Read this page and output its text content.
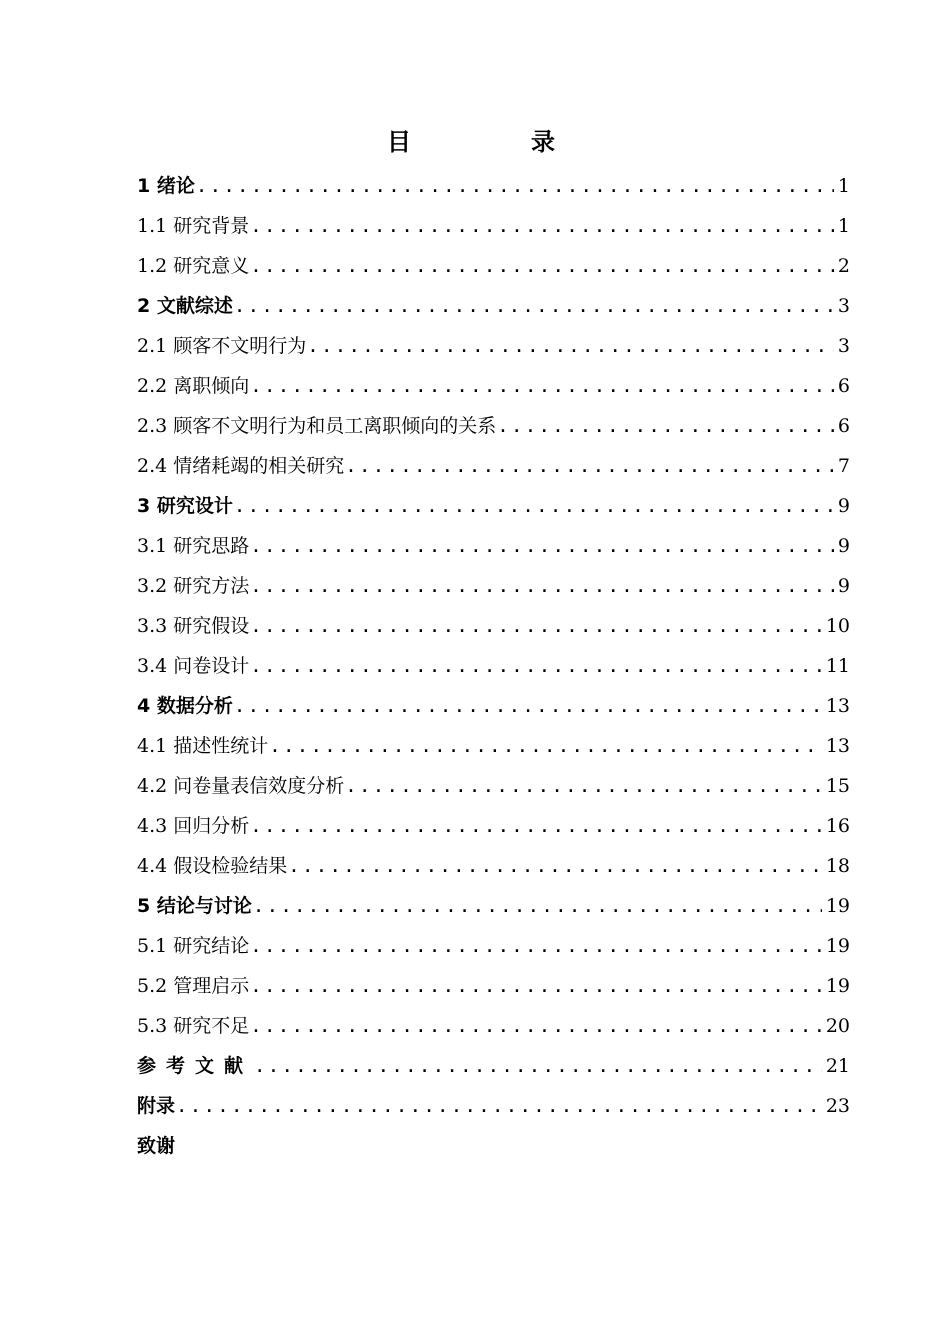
目　录
1 绪论 .....	1
1.1 研究背景 .....	1
1.2 研究意义 .....	2
2 文献综述 .....	3
2.1 顾客不文明行为 .....	3
2.2 离职倾向 .....	6
2.3 顾客不文明行为和员工离职倾向的关系 .....	6
2.4 情绪耗竭的相关研究 .....	7
3 研究设计 .....	9
3.1 研究思路 .....	9
3.2 研究方法 .....	9
3.3 研究假设 .....	10
3.4 问卷设计 .....	11
4 数据分析 .....	13
4.1 描述性统计 .....	13
4.2 问卷量表信效度分析 .....	15
4.3 回归分析 .....	16
4.4 假设检验结果 .....	18
5 结论与讨论 .....	19
5.1 研究结论 .....	19
5.2 管理启示 .....	19
5.3 研究不足 .....	20
参考文献 .....	21
附录 .....	23
致谢
